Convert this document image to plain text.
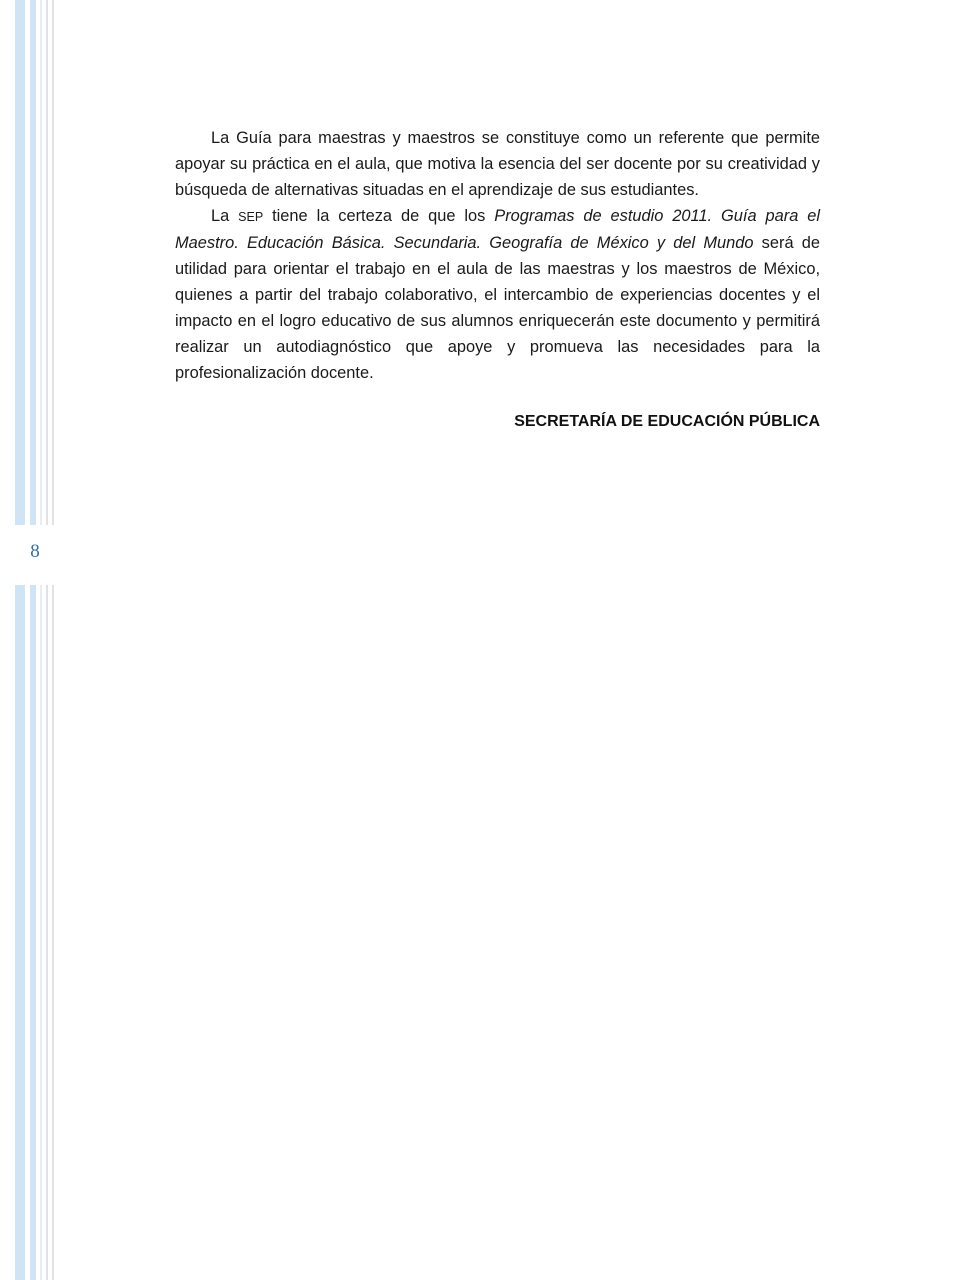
8

La Guía para maestras y maestros se constituye como un referente que permite apoyar su práctica en el aula, que motiva la esencia del ser docente por su creatividad y búsqueda de alternativas situadas en el aprendizaje de sus estudiantes.

La SEP tiene la certeza de que los Programas de estudio 2011. Guía para el Maestro. Educación Básica. Secundaria. Geografía de México y del Mundo será de utilidad para orientar el trabajo en el aula de las maestras y los maestros de México, quienes a partir del trabajo colaborativo, el intercambio de experiencias docentes y el impacto en el logro educativo de sus alumnos enriquecerán este documento y permitirá realizar un autodiagnóstico que apoye y promueva las necesidades para la profesionalización docente.

SECRETARÍA DE EDUCACIÓN PÚBLICA
